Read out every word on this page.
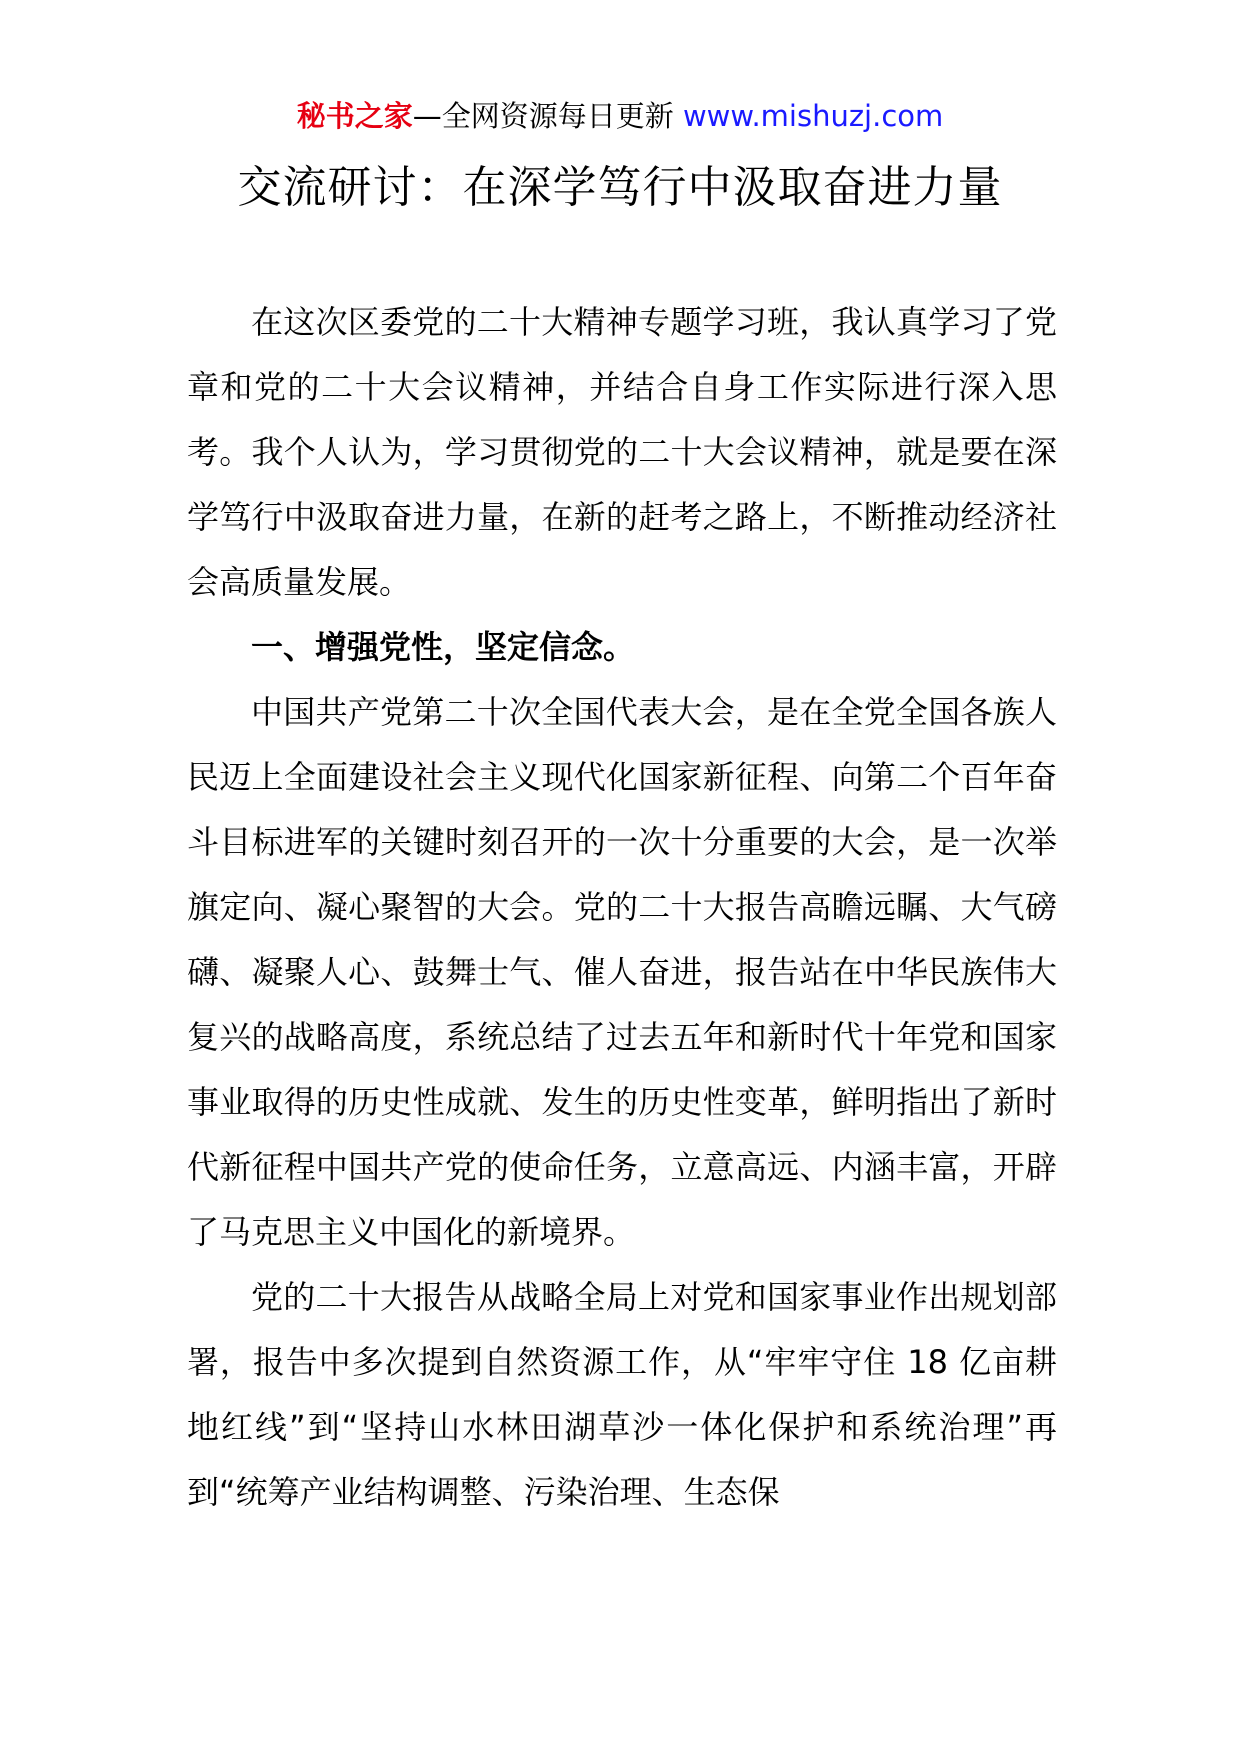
秘书之家—全网资源每日更新 www.mishuzj.com
交流研讨：在深学笃行中汲取奋进力量

在这次区委党的二十大精神专题学习班，我认真学习了党章和党的二十大会议精神，并结合自身工作实际进行深入思考。我个人认为，学习贯彻党的二十大会议精神，就是要在深学笃行中汲取奋进力量，在新的赶考之路上，不断推动经济社会高质量发展。

一、增强党性，坚定信念。

中国共产党第二十次全国代表大会，是在全党全国各族人民迈上全面建设社会主义现代化国家新征程、向第二个百年奋斗目标进军的关键时刻召开的一次十分重要的大会，是一次举旗定向、凝心聚智的大会。党的二十大报告高瞻远瞩、大气磅礴、凝聚人心、鼓舞士气、催人奋进，报告站在中华民族伟大复兴的战略高度，系统总结了过去五年和新时代十年党和国家事业取得的历史性成就、发生的历史性变革，鲜明指出了新时代新征程中国共产党的使命任务，立意高远、内涵丰富，开辟了马克思主义中国化的新境界。

党的二十大报告从战略全局上对党和国家事业作出规划部署，报告中多次提到自然资源工作，从“牢牢守住 18 亿亩耕地红线”到“坚持山水林田湖草沙一体化保护和系统治理”再到“统筹产业结构调整、污染治理、生态保
